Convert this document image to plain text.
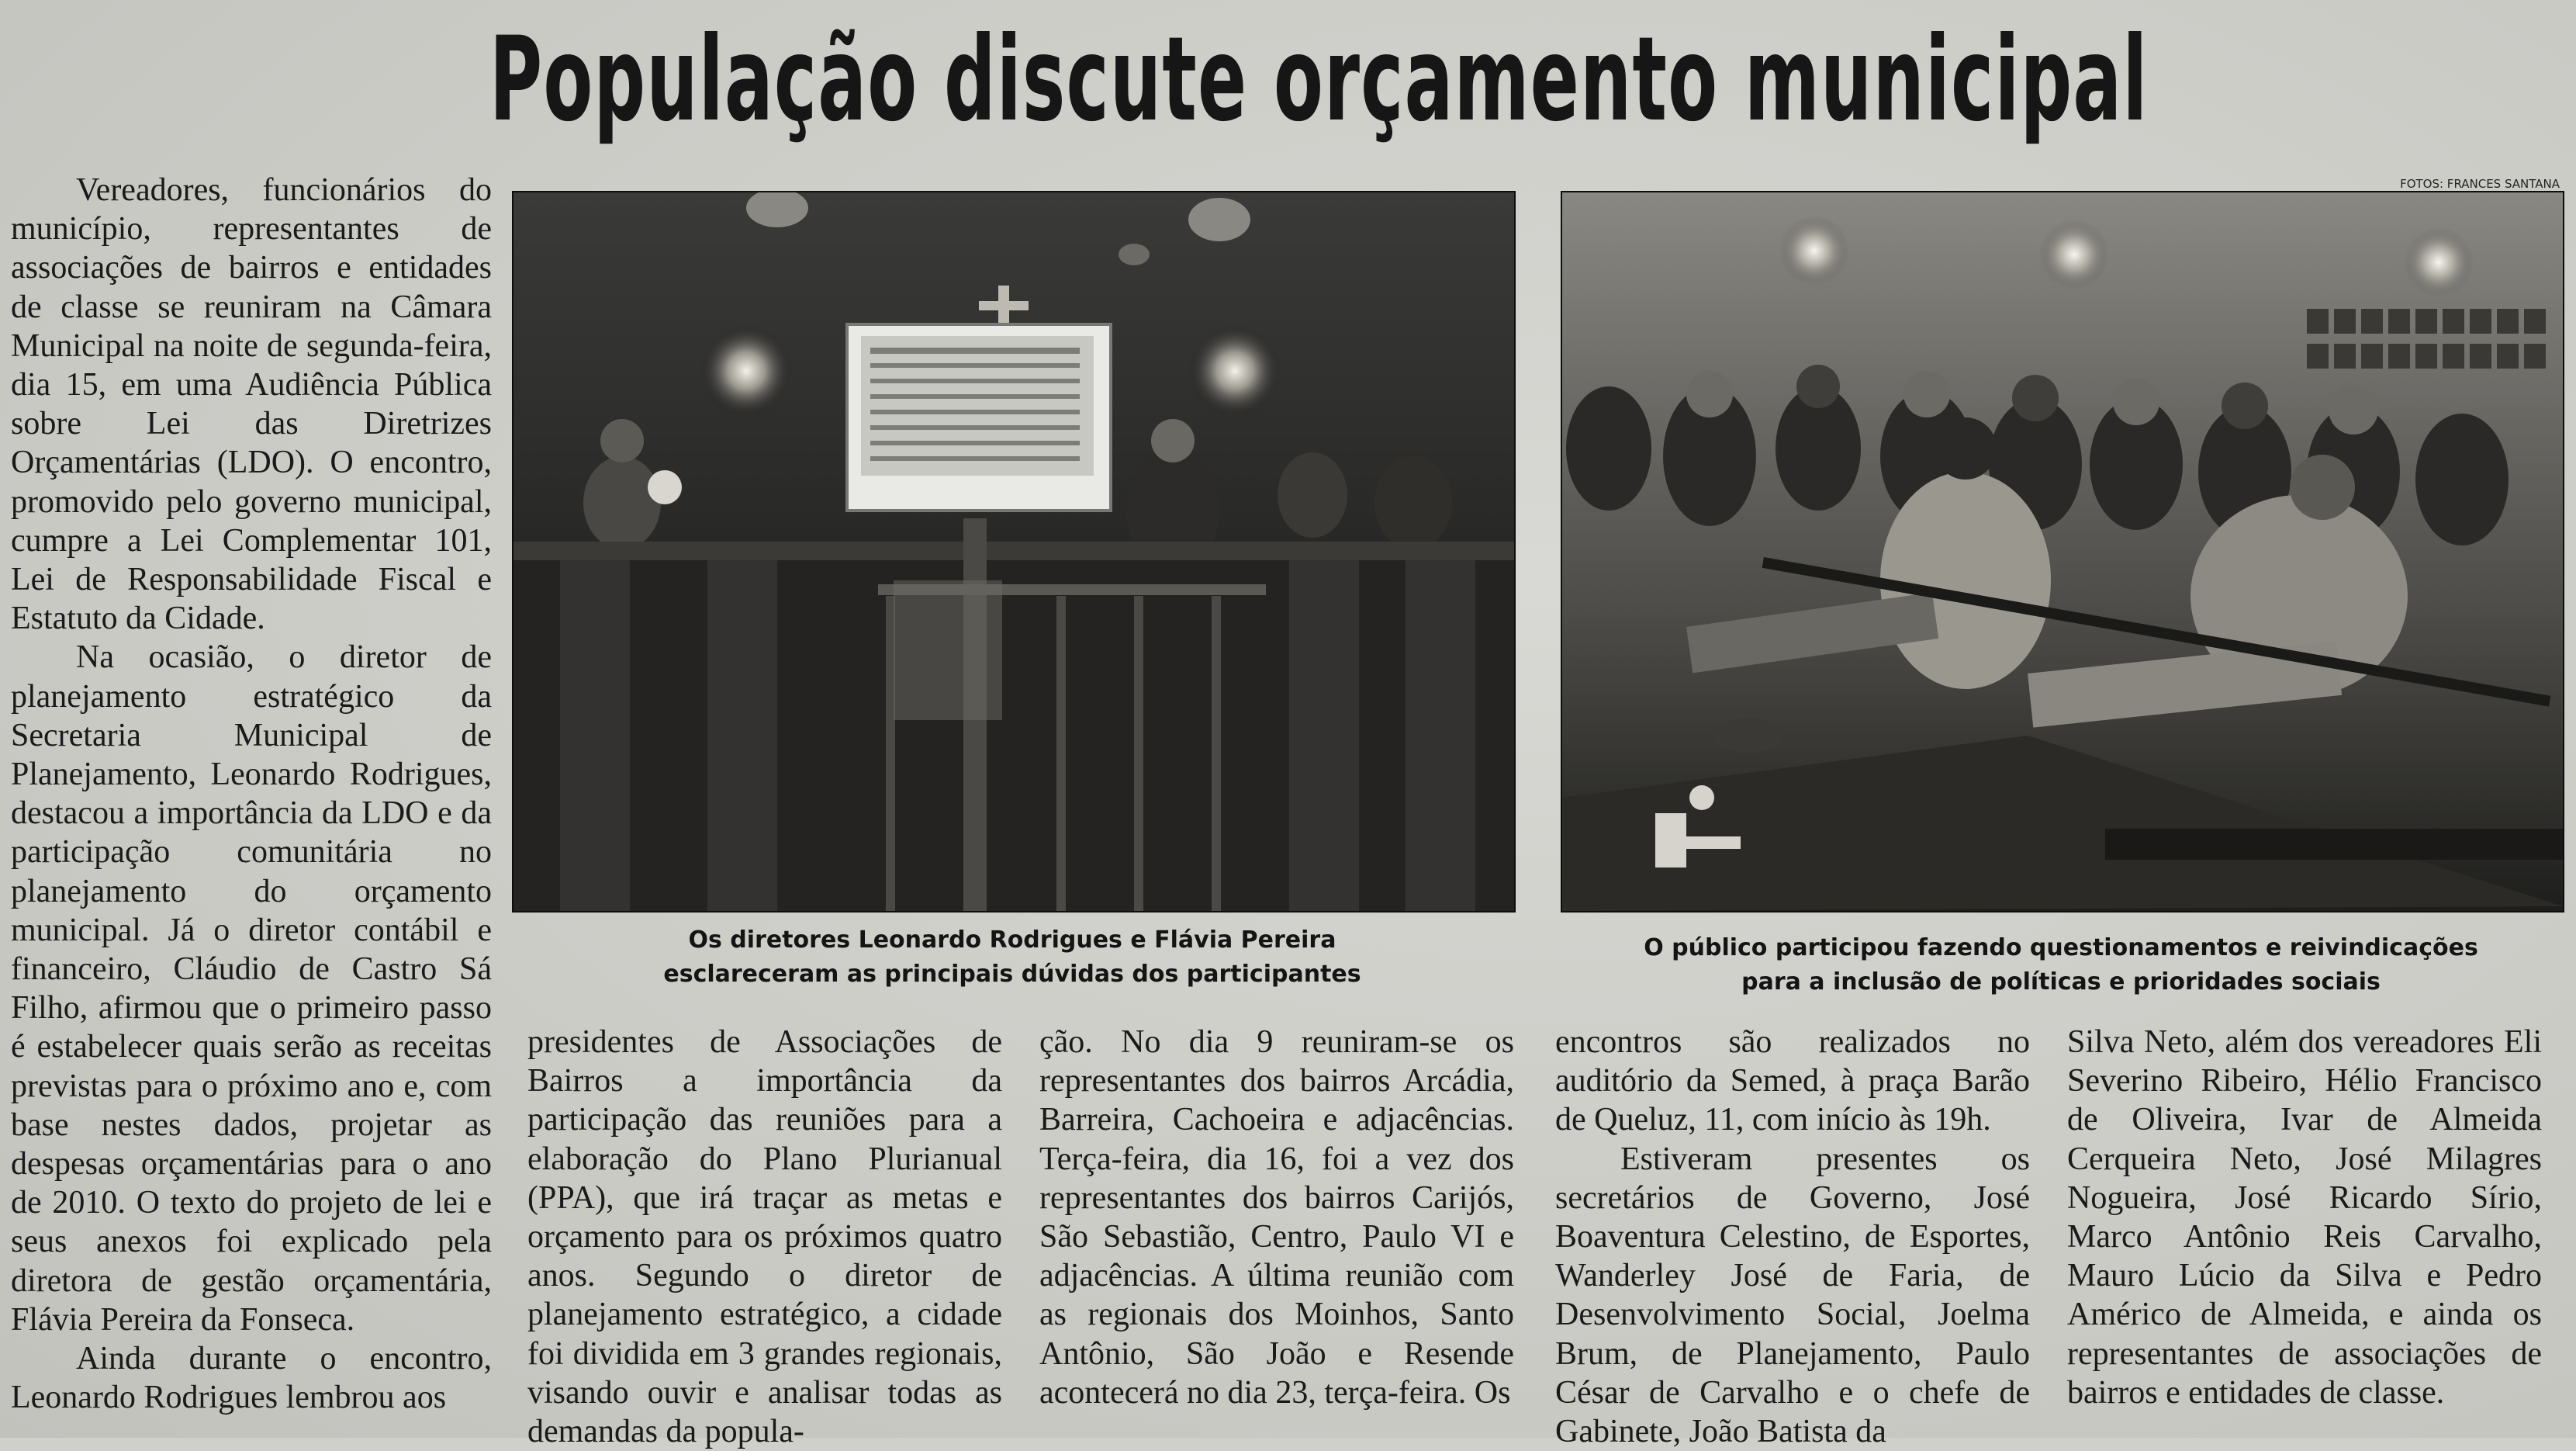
População discute orçamento municipal
FOTOS: FRANCES SANTANA

Vereadores, funcionários do município, representantes de associações de bairros e entidades de classe se reuniram na Câmara Municipal na noite de segunda-feira, dia 15, em uma Audiência Pública sobre Lei das Diretrizes Orçamentárias (LDO). O encontro, promovido pelo governo municipal, cumpre a Lei Complementar 101, Lei de Responsabilidade Fiscal e Estatuto da Cidade.

Na ocasião, o diretor de planejamento estratégico da Secretaria Municipal de Planejamento, Leonardo Rodrigues, destacou a importância da LDO e da participação comunitária no planejamento do orçamento municipal. Já o diretor contábil e financeiro, Cláudio de Castro Sá Filho, afirmou que o primeiro passo é estabelecer quais serão as receitas previstas para o próximo ano e, com base nestes dados, projetar as despesas orçamentárias para o ano de 2010. O texto do projeto de lei e seus anexos foi explicado pela diretora de gestão orçamentária, Flávia Pereira da Fonseca.

Ainda durante o encontro, Leonardo Rodrigues lembrou aos

Os diretores Leonardo Rodrigues e Flávia Pereira
esclareceram as principais dúvidas dos participantes
O público participou fazendo questionamentos e reivindicações
para a inclusão de políticas e prioridades sociais

presidentes de Associações de Bairros a importância da participação das reuniões para a elaboração do Plano Plurianual (PPA), que irá traçar as metas e orçamento para os próximos quatro anos. Segundo o diretor de planejamento estratégico, a cidade foi dividida em 3 grandes regionais, visando ouvir e analisar todas as demandas da popula-

ção. No dia 9 reuniram-se os representantes dos bairros Arcádia, Barreira, Cachoeira e adjacências. Terça-feira, dia 16, foi a vez dos representantes dos bairros Carijós, São Sebastião, Centro, Paulo VI e adjacências. A última reunião com as regionais dos Moinhos, Santo Antônio, São João e Resende acontecerá no dia 23, terça-feira. Os

encontros são realizados no auditório da Semed, à praça Barão de Queluz, 11, com início às 19h.

Estiveram presentes os secretários de Governo, José Boaventura Celestino, de Esportes, Wanderley José de Faria, de Desenvolvimento Social, Joelma Brum, de Planejamento, Paulo César de Carvalho e o chefe de Gabinete, João Batista da

Silva Neto, além dos vereadores Eli Severino Ribeiro, Hélio Francisco de Oliveira, Ivar de Almeida Cerqueira Neto, José Milagres Nogueira, José Ricardo Sírio, Marco Antônio Reis Carvalho, Mauro Lúcio da Silva e Pedro Américo de Almeida, e ainda os representantes de associações de bairros e entidades de classe.
